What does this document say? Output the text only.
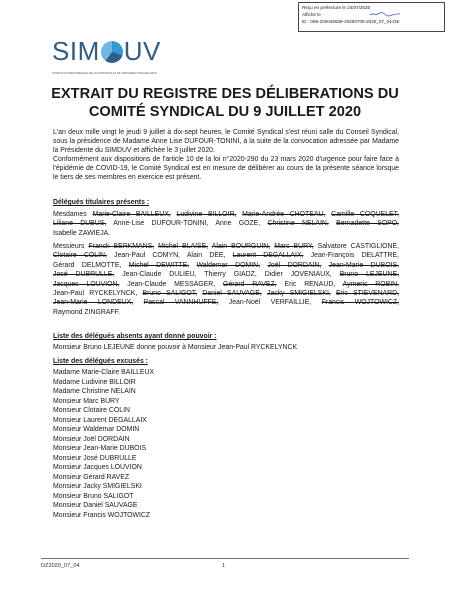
Reçu en préfecture le 24/07/2020
Affiché le
ID : 069-200046639-20200709-2020_07_04-DE
SIM UV
SYNDICAT INTERCOMMUNAL DE VALORISATION ET DE TRAITEMENT DES DÉCHETS
EXTRAIT DU REGISTRE DES DÉLIBERATIONS DU
COMITÉ SYNDICAL DU 9 JUILLET 2020

L'an deux mille vingt le jeudi 9 juillet à dix-sept heures, le Comité Syndical s'est réuni salle du Conseil Syndical, sous la présidence de Madame Anne Lise DUFOUR-TONINI, à la suite de la convocation adressée par Madame la Présidente du SIMDUV et affichée le 3 juillet 2020.

Conformément aux dispositions de l'article 10 de la loi n°2020-290 du 23 mars 2020 d'urgence pour faire face à l'épidémie de COVID-19, le Comité Syndical est en mesure de délibérer au cours de la présente séance lorsque le tiers de ses membres en exercice est présent.

Délégués titulaires présents :
Mesdames Marie-Claire BAILLEUX, Ludivine BILLOIR, Marie-Andrée CHOTEAU, Camille COQUELET, Liliane DUBUS, Anne-Lise DUFOUR-TONINI, Anne GOZE, Christine NELAIN, Bernadette SOPO, Isabelle ZAWIEJA.
Messieurs Franck BERKMANS, Michel BLAISE, Alain BOURGUIN, Marc BURY, Salvatore CASTIGLIONE, Clotaire COLIN, Jean-Paul COMYN, Alain DEE, Laurent DEGALLAIX, Jean-François DELATTRE, Gérard DELMOTTE, Michel DEWITTE, Waldemar DOMIN, Joël DORDAIN, Jean-Marie DUBOIS, José DUBRULLE, Jean-Claude DULIEU, Thierry GIADZ, Didier JOVENIAUX, Bruno LEJEUNE, Jacques LOUVION, Jean-Claude MESSAGER, Gérard RAVEZ, Eric RENAUD, Aymeric ROBIN, Jean-Paul RYCKELYNCK, Bruno SALIGOT, Daniel SAUVAGE, Jacky SMIGIELSKI, Eric STIEVENARD, Jean-Marie LONDEUX, Pascal VANNHUFFE, Jean-Noël VERFAILLIE, Francis WOJTOWICZ, Raymond ZINGRAFF.
Liste des délégués absents ayant donné pouvoir :
Monsieur Bruno LEJEUNE donne pouvoir à Monsieur Jean-Paul RYCKELYNCK
Liste des délégués excusés :
Madame Marie-Claire BAILLEUX
Madame Ludivine BILLOIR
Madame Christine NELAIN
Monsieur Marc BURY
Monsieur Clotaire COLIN
Monsieur Laurent DEGALLAIX
Monsieur Waldemar DOMIN
Monsieur Joël DORDAIN
Monsieur Jean-Marie DUBOIS
Monsieur José DUBRULLE
Monsieur Jacques LOUVION
Monsieur Gérard RAVEZ
Monsieur Jacky SMIGIELSKI
Monsieur Bruno SALIGOT
Monsieur Daniel SAUVAGE
Monsieur Francis WOJTOWICZ
DZ2020_07_04	1
